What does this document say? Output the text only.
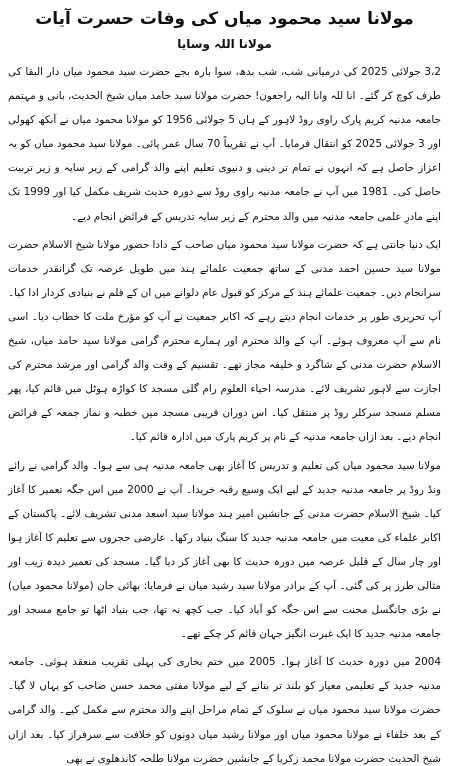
مولانا سید محمود میاں کی وفات حسرت آیات
مولانا اللہ وسایا

3،2 جولائی 2025 کی درمیانی شب، شب بدھ، سوا بارہ بجے حضرت سید محمود میاں دار البقا کی طرف کوچ کر گئے۔ انا للہ وانا الیہ راجعون! حضرت مولانا سید حامد میاں شیخ الحدیث، بانی و مہتمم جامعہ مدنیہ کریم پارک راوی روڈ لاہور کے ہاں 5 جولائی 1956 کو مولانا محمود میاں نے آنکھ کھولی اور 3 جولائی 2025 کو انتقال فرمایا۔ آپ نے تقریباً 70 سال عمر پائی۔ مولانا سید محمود میاں کو یہ اعزاز حاصل ہے کہ انہوں نے تمام تر دینی و دنیوی تعلیم اپنے والد گرامی کے زیر سایہ و زیر تربیت حاصل کی۔ 1981 میں آپ نے جامعہ مدنیہ راوی روڈ سے دورہ حدیث شریف مکمل کیا اور 1999 تک اپنے مادرِ علمی جامعہ مدنیہ میں والد محترم کے زیر سایہ تدریس کے فرائض انجام دیے۔

ایک دنیا جانتی ہے کہ حضرت مولانا سید محمود میاں صاحب کے دادا حضور مولانا شیخ الاسلام حضرت مولانا سید حسین احمد مدنی کے ساتھ جمعیت علمائے ہند میں طویل عرصہ تک گرانقدر خدمات سرانجام دیں۔ جمعیت علمائے ہند کے مرکز کو قبول عام دلوانے میں ان کے قلم نے بنیادی کردار ادا کیا۔ آپ تحریری طور پر خدمات انجام دیتے رہے کہ اکابر جمعیت نے آپ کو مؤرخ ملت کا خطاب دیا۔ اسی نام سے آپ معروف ہوئے۔ آپ کے والد محترم اور ہمارے محترم گرامی مولانا سید حامد میاں، شیخ الاسلام حضرت مدنی کے شاگرد و خلیفہ مجاز تھے۔ تقسیم کے وقت والد گرامی اور مرشد محترم کی اجازت سے لاہور تشریف لائے۔ مدرسہ احیاء العلوم رام گلی مسجد کا کواڑہ ہوٹل میں قائم کیا، پھر مسلم مسجد سرکلر روڈ پر منتقل کیا۔ اس دوران قریبی مسجد میں خطبہ و نماز جمعہ کے فرائض انجام دیے۔ بعد ازاں جامعہ مدنیہ کے نام پر کریم پارک میں ادارہ قائم کیا۔

مولانا سید محمود میاں کی تعلیم و تدریس کا آغاز بھی جامعہ مدنیہ ہی سے ہوا۔ والد گرامی نے رائے ونڈ روڈ پر جامعہ مدنیہ جدید کے لیے ایک وسیع رقبہ خریدا۔ آپ نے 2000 میں اس جگہ تعمیر کا آغاز کیا۔ شیخ الاسلام حضرت مدنی کے جانشین امیر ہند مولانا سید اسعد مدنی تشریف لائے۔ پاکستان کے اکابر علماء کی معیت میں جامعہ مدنیہ جدید کا سنگ بنیاد رکھا۔ عارضی حجروں سے تعلیم کا آغاز ہوا اور چار سال کے قلیل عرصہ میں دورہ حدیث کا بھی آغاز کر دیا گیا۔ مسجد کی تعمیر دیدہ زیب اور مثالی طرز پر کی گئی۔ آپ کے برادر مولانا سید رشید میاں نے فرمایا: بھائی جان (مولانا محمود میاں) نے بڑی جانگسل محنت سے اس جگہ کو آباد کیا۔ جب کچھ نہ تھا، جب بنیاد اٹھا تو جامع مسجد اور جامعہ مدنیہ جدید کا ایک غیرت انگیز جہان قائم کر چکے تھے۔

2004 میں دورہ حدیث کا آغاز ہوا۔ 2005 میں ختم بخاری کی پہلی تقریب منعقد ہوئی۔ جامعہ مدنیہ جدید کے تعلیمی معیار کو بلند تر بنانے کے لیے مولانا مفتی محمد حسن صاحب کو یہاں لا گیا۔ حضرت مولانا سید محمود میاں نے سلوک کے تمام مراحل اپنے والد محترم سے مکمل کیے۔ والد گرامی کے بعد خلفاء نے مولانا محمود میاں اور مولانا رشید میاں دونوں کو خلافت سے سرفراز کیا۔ بعد ازاں شیخ الحدیث حضرت مولانا محمد زکریا کے جانشین حضرت مولانا طلحہ کاندھلوی نے بھی
